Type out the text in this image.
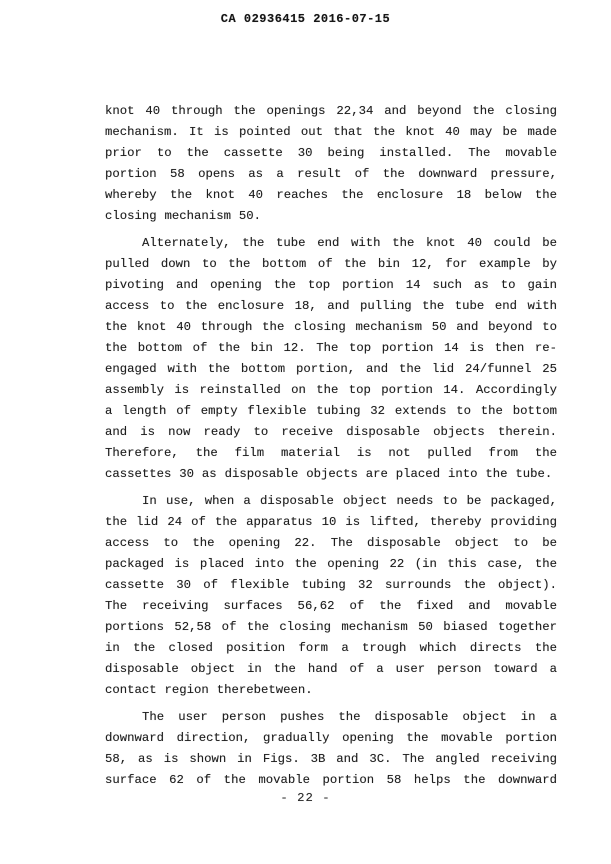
CA 02936415 2016-07-15
knot 40 through the openings 22,34 and beyond the closing
mechanism. It is pointed out that the knot 40 may be made
prior to the cassette 30 being installed. The movable
portion 58 opens as a result of the downward pressure,
whereby the knot 40 reaches the enclosure 18 below the
closing mechanism 50.
Alternately, the tube end with the knot 40 could be
pulled down to the bottom of the bin 12, for example by
pivoting and opening the top portion 14 such as to gain
access to the enclosure 18, and pulling the tube end with
the knot 40 through the closing mechanism 50 and beyond to
the bottom of the bin 12. The top portion 14 is then re-
engaged with the bottom portion, and the lid 24/funnel 25
assembly is reinstalled on the top portion 14. Accordingly
a length of empty flexible tubing 32 extends to the bottom
and is now ready to receive disposable objects therein.
Therefore, the film material is not pulled from the
cassettes 30 as disposable objects are placed into the tube.
In use, when a disposable object needs to be packaged,
the lid 24 of the apparatus 10 is lifted, thereby providing
access to the opening 22. The disposable object to be
packaged is placed into the opening 22 (in this case, the
cassette 30 of flexible tubing 32 surrounds the object).
The receiving surfaces 56,62 of the fixed and movable
portions 52,58 of the closing mechanism 50 biased together
in the closed position form a trough which directs the
disposable object in the hand of a user person toward a
contact region therebetween.
The user person pushes the disposable object in a
downward direction, gradually opening the movable portion
58, as is shown in Figs. 3B and 3C. The angled receiving
surface 62 of the movable portion 58 helps the downward
- 22 -
